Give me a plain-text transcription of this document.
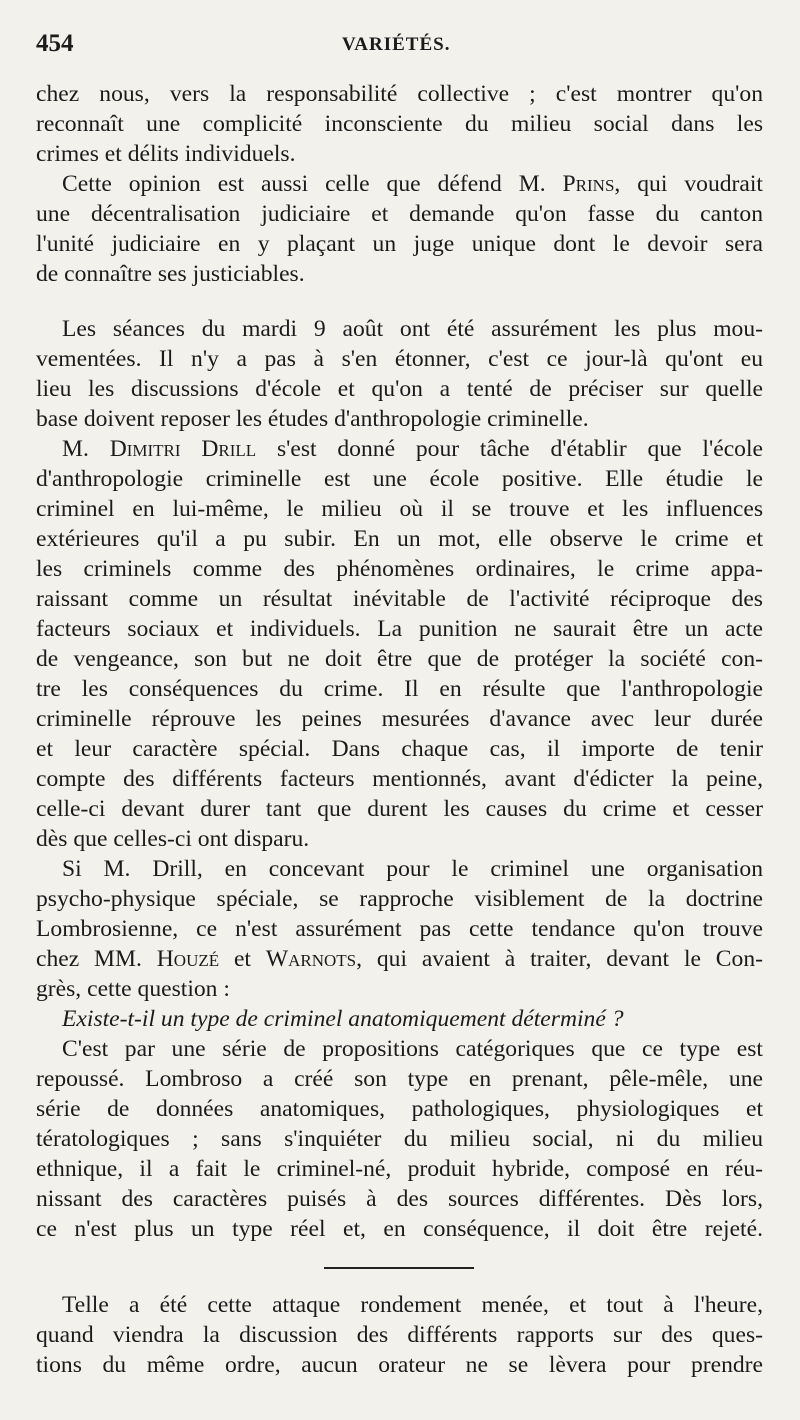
454	VARIÉTÉS.
chez nous, vers la responsabilité collective ; c'est montrer qu'on
reconnaît une complicité inconsciente du milieu social dans les
crimes et délits individuels.
Cette opinion est aussi celle que défend M. Prins, qui voudrait
une décentralisation judiciaire et demande qu'on fasse du canton
l'unité judiciaire en y plaçant un juge unique dont le devoir sera
de connaître ses justiciables.
Les séances du mardi 9 août ont été assurément les plus mou-
vementées. Il n'y a pas à s'en étonner, c'est ce jour-là qu'ont eu
lieu les discussions d'école et qu'on a tenté de préciser sur quelle
base doivent reposer les études d'anthropologie criminelle.
M. Dimitri Drill s'est donné pour tâche d'établir que l'école
d'anthropologie criminelle est une école positive. Elle étudie le
criminel en lui-même, le milieu où il se trouve et les influences
extérieures qu'il a pu subir. En un mot, elle observe le crime et
les criminels comme des phénomènes ordinaires, le crime appa-
raissant comme un résultat inévitable de l'activité réciproque des
facteurs sociaux et individuels. La punition ne saurait être un acte
de vengeance, son but ne doit être que de protéger la société con-
tre les conséquences du crime. Il en résulte que l'anthropologie
criminelle réprouve les peines mesurées d'avance avec leur durée
et leur caractère spécial. Dans chaque cas, il importe de tenir
compte des différents facteurs mentionnés, avant d'édicter la peine,
celle-ci devant durer tant que durent les causes du crime et cesser
dès que celles-ci ont disparu.
Si M. Drill, en concevant pour le criminel une organisation
psycho-physique spéciale, se rapproche visiblement de la doctrine
Lombrosienne, ce n'est assurément pas cette tendance qu'on trouve
chez MM. Houzé et Warnots, qui avaient à traiter, devant le Con-
grès, cette question :
Existe-t-il un type de criminel anatomiquement déterminé ?
C'est par une série de propositions catégoriques que ce type est
repoussé. Lombroso a créé son type en prenant, pêle-mêle, une
série de données anatomiques, pathologiques, physiologiques et
tératologiques ; sans s'inquiéter du milieu social, ni du milieu
ethnique, il a fait le criminel-né, produit hybride, composé en réu-
nissant des caractères puisés à des sources différentes. Dès lors,
ce n'est plus un type réel et, en conséquence, il doit être rejeté.
Telle a été cette attaque rondement menée, et tout à l'heure,
quand viendra la discussion des différents rapports sur des ques-
tions du même ordre, aucun orateur ne se lèvera pour prendre
